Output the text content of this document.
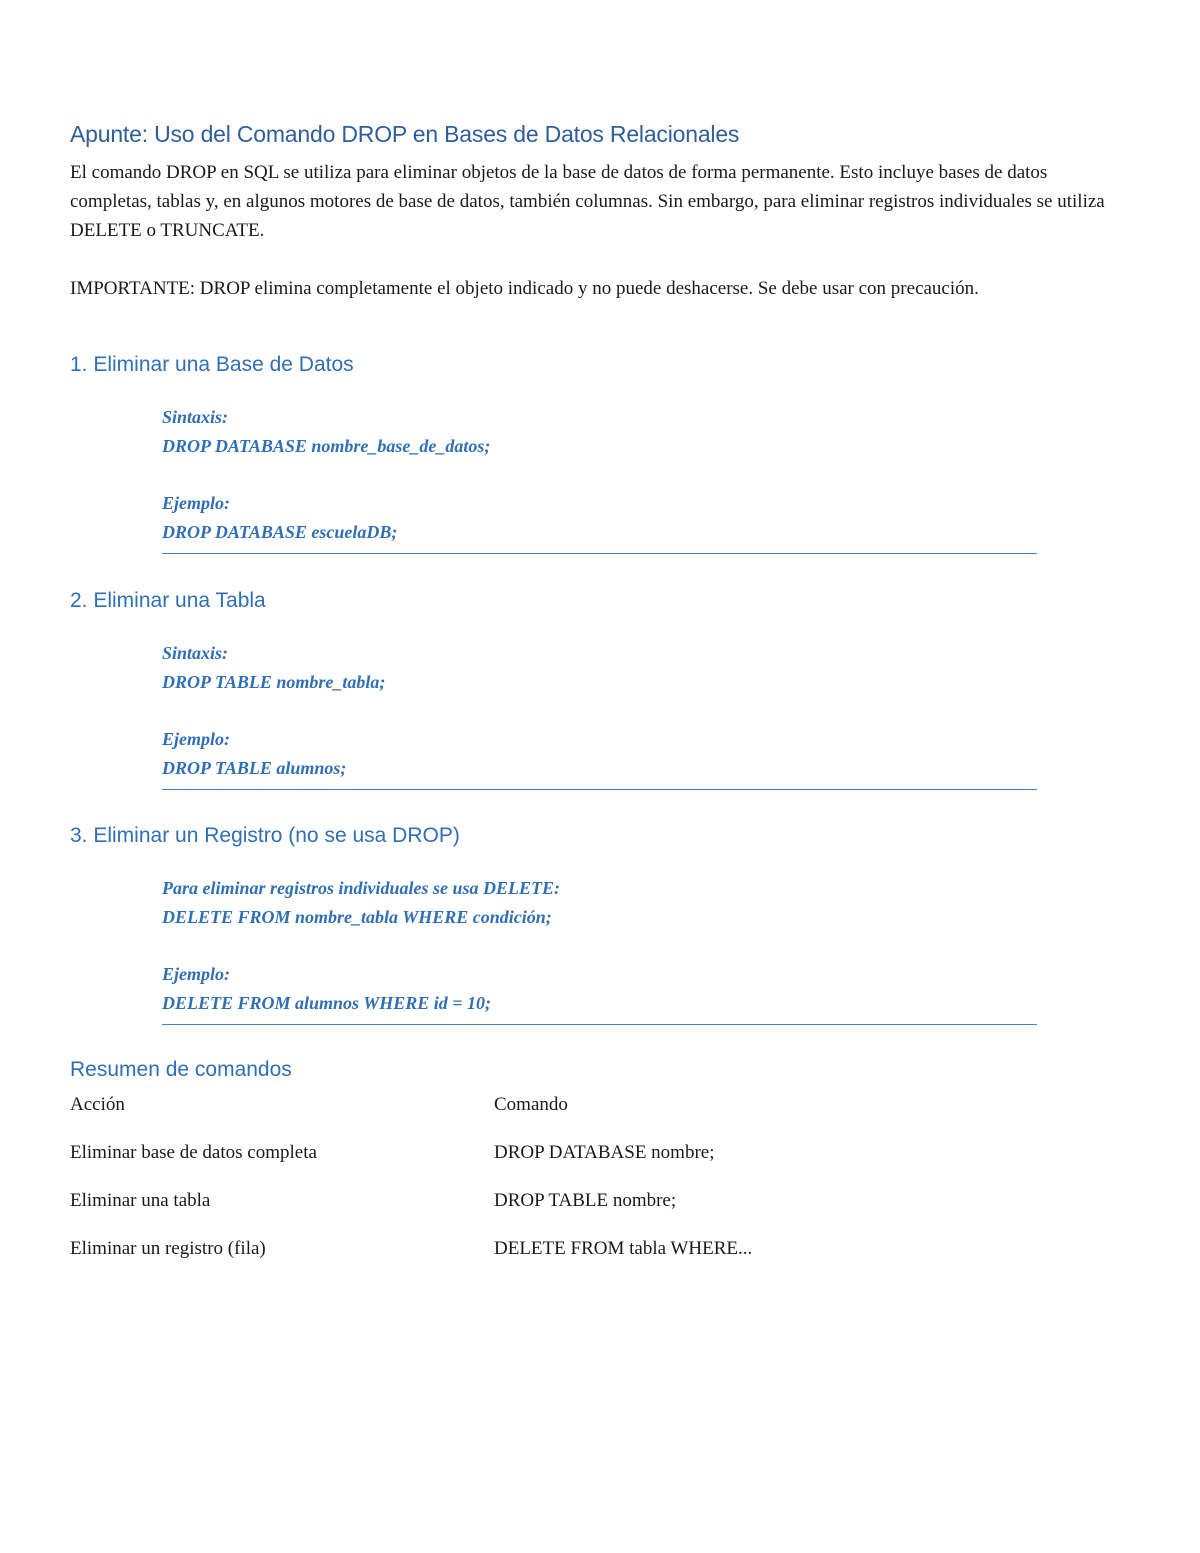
Apunte: Uso del Comando DROP en Bases de Datos Relacionales

El comando DROP en SQL se utiliza para eliminar objetos de la base de datos de forma permanente. Esto incluye bases de datos completas, tablas y, en algunos motores de base de datos, también columnas. Sin embargo, para eliminar registros individuales se utiliza DELETE o TRUNCATE.

IMPORTANTE: DROP elimina completamente el objeto indicado y no puede deshacerse. Se debe usar con precaución.

1. Eliminar una Base de Datos
Sintaxis:
DROP DATABASE nombre_base_de_datos;
Ejemplo:
DROP DATABASE escuelaDB;
2. Eliminar una Tabla
Sintaxis:
DROP TABLE nombre_tabla;
Ejemplo:
DROP TABLE alumnos;
3. Eliminar un Registro (no se usa DROP)
Para eliminar registros individuales se usa DELETE:
DELETE FROM nombre_tabla WHERE condición;
Ejemplo:
DELETE FROM alumnos WHERE id = 10;
Resumen de comandos
Acción	Comando
Eliminar base de datos completa	DROP DATABASE nombre;
Eliminar una tabla	DROP TABLE nombre;
Eliminar un registro (fila)	DELETE FROM tabla WHERE...
